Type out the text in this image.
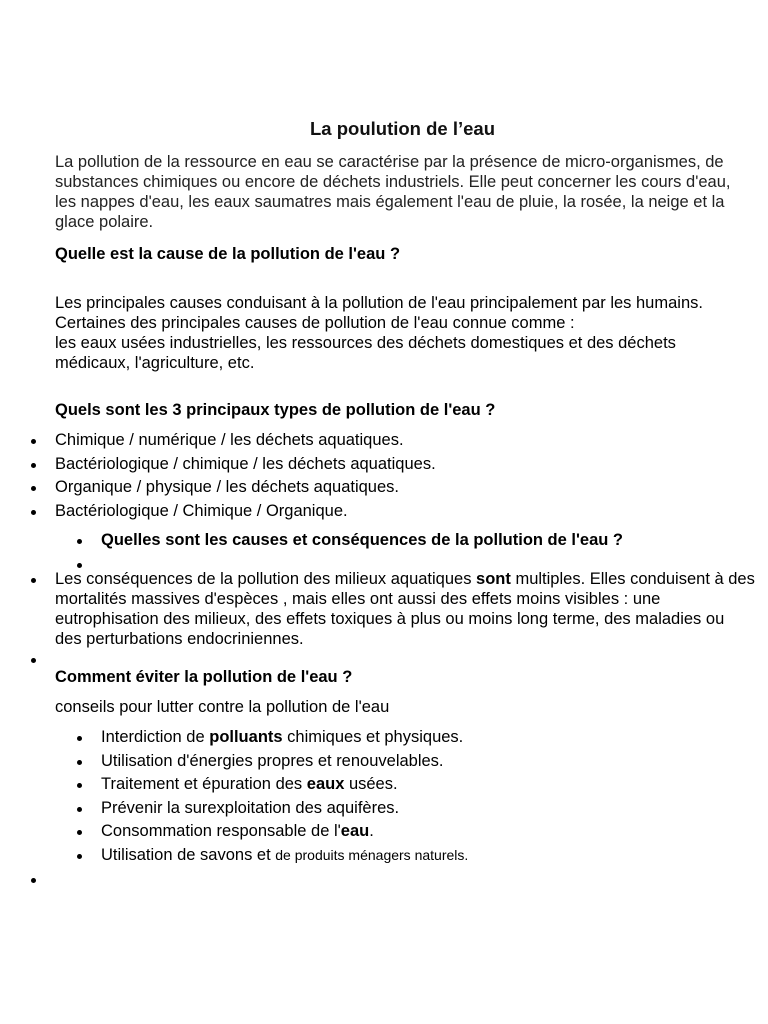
La poulution de l’eau

La pollution de la ressource en eau se caractérise par la présence de micro-organismes, de substances chimiques ou encore de déchets industriels. Elle peut concerner les cours d'eau, les nappes d'eau, les eaux saumatres mais également l'eau de pluie, la rosée, la neige et la glace polaire.

Quelle est la cause de la pollution de l'eau ?

Les principales causes conduisant à la pollution de l'eau principalement par les humains. Certaines des principales causes de pollution de l'eau connue comme :

les eaux usées industrielles, les ressources des déchets domestiques et des déchets médicaux, l'agriculture, etc.

Quels sont les 3 principaux types de pollution de l'eau ?

Chimique / numérique / les déchets aquatiques.
Bactériologique / chimique / les déchets aquatiques.
Organique / physique / les déchets aquatiques.
Bactériologique / Chimique / Organique.
Quelles sont les causes et conséquences de la pollution de l'eau ?
Les conséquences de la pollution des milieux aquatiques sont multiples. Elles conduisent à des mortalités massives d'espèces , mais elles ont aussi des effets moins visibles : une eutrophisation des milieux, des effets toxiques à plus ou moins long terme, des maladies ou des perturbations endocriniennes.

Comment éviter la pollution de l'eau ?

conseils pour lutter contre la pollution de l'eau

Interdiction de polluants chimiques et physiques.
Utilisation d'énergies propres et renouvelables.
Traitement et épuration des eaux usées.
Prévenir la surexploitation des aquifères.
Consommation responsable de l'eau.
Utilisation de savons et de produits ménagers naturels.
